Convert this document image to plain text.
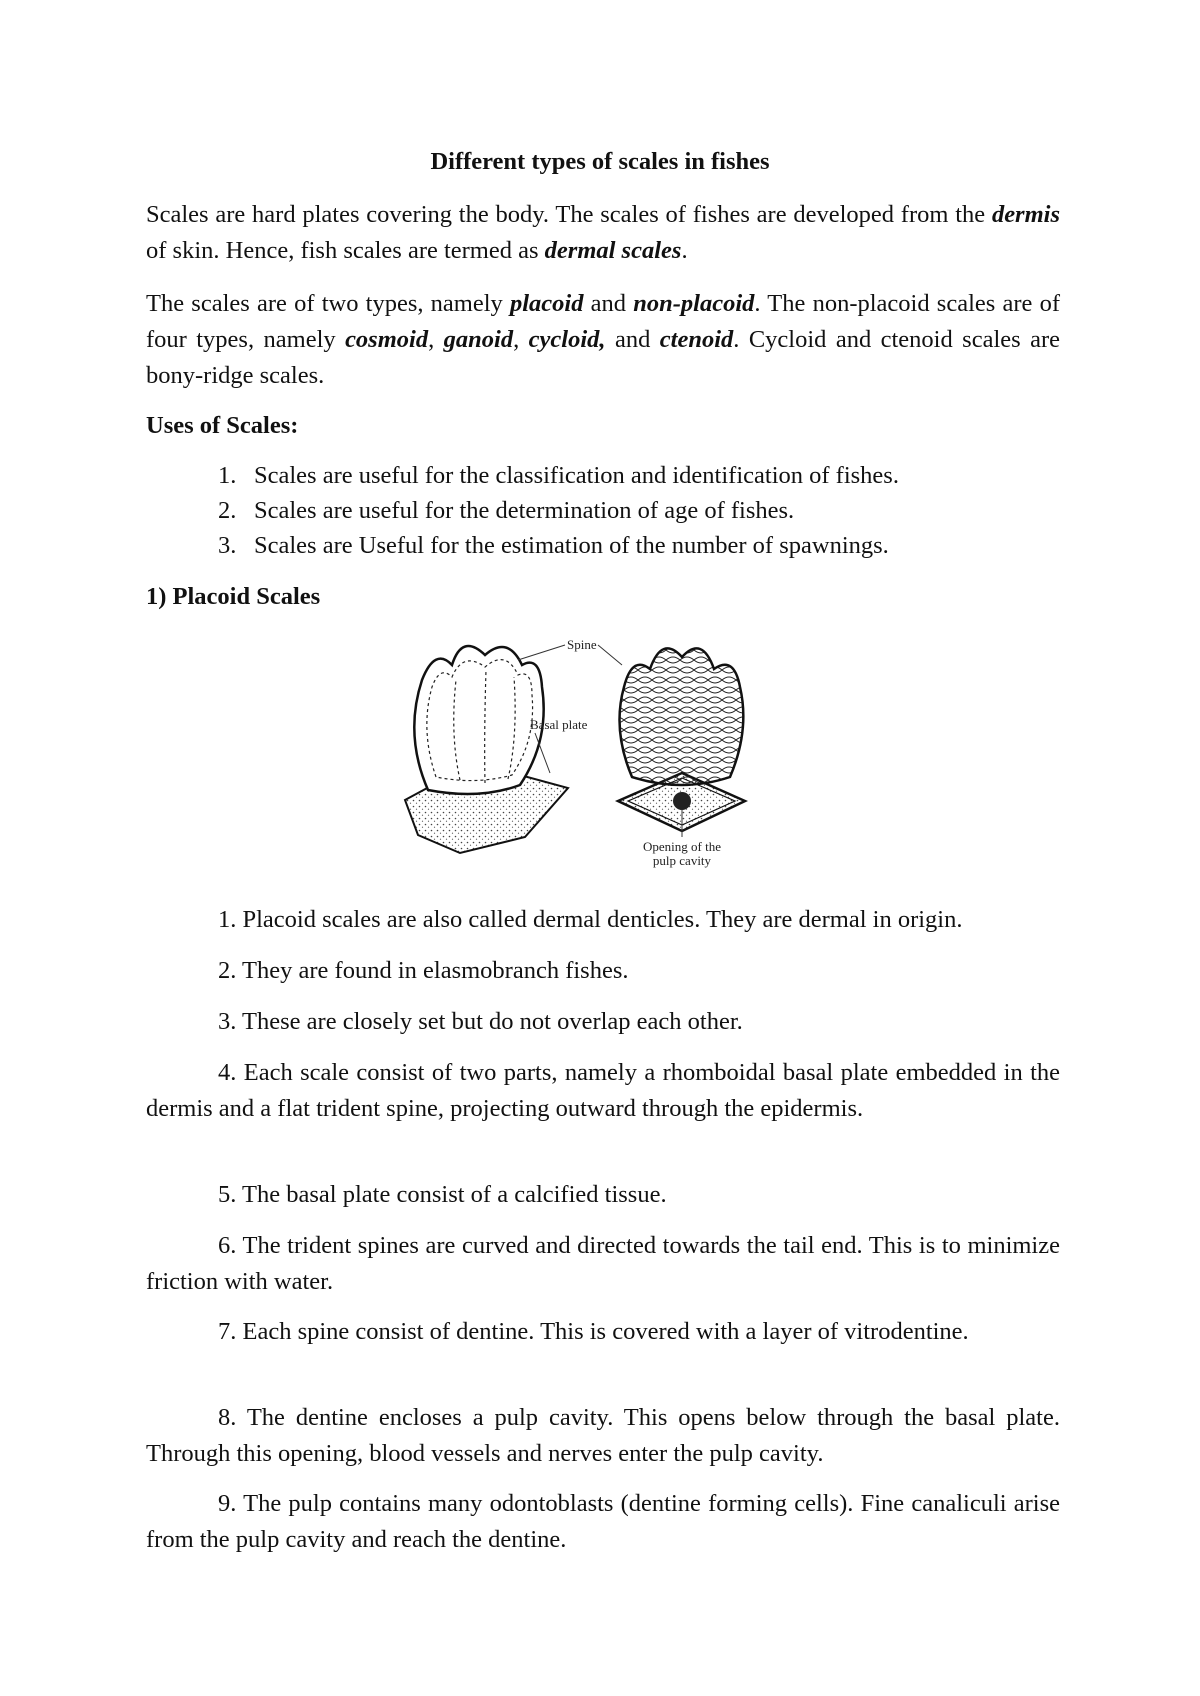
Different types of scales in fishes
Scales are hard plates covering the body. The scales of fishes are developed from the dermis of skin. Hence, fish scales are termed as dermal scales.
The scales are of two types, namely placoid and non-placoid. The non-placoid scales are of four types, namely cosmoid, ganoid, cycloid, and ctenoid. Cycloid and ctenoid scales are bony-ridge scales.
Uses of Scales:
1. Scales are useful for the classification and identification of fishes.
2. Scales are useful for the determination of age of fishes.
3. Scales are Useful for the estimation of the number of spawnings.
1) Placoid Scales
Spine
Basal plate
Opening of the
pulp cavity
1. Placoid scales are also called dermal denticles. They are dermal in origin.
2. They are found in elasmobranch fishes.
3. These are closely set but do not overlap each other.
4. Each scale consist of two parts, namely a rhomboidal basal plate embedded in the dermis and a flat trident spine, projecting outward through the epidermis.
5. The basal plate consist of a calcified tissue.
6. The trident spines are curved and directed towards the tail end. This is to minimize friction with water.
7. Each spine consist of dentine. This is covered with a layer of vitrodentine.
8. The dentine encloses a pulp cavity. This opens below through the basal plate. Through this opening, blood vessels and nerves enter the pulp cavity.
9. The pulp contains many odontoblasts (dentine forming cells). Fine canaliculi arise from the pulp cavity and reach the dentine.
